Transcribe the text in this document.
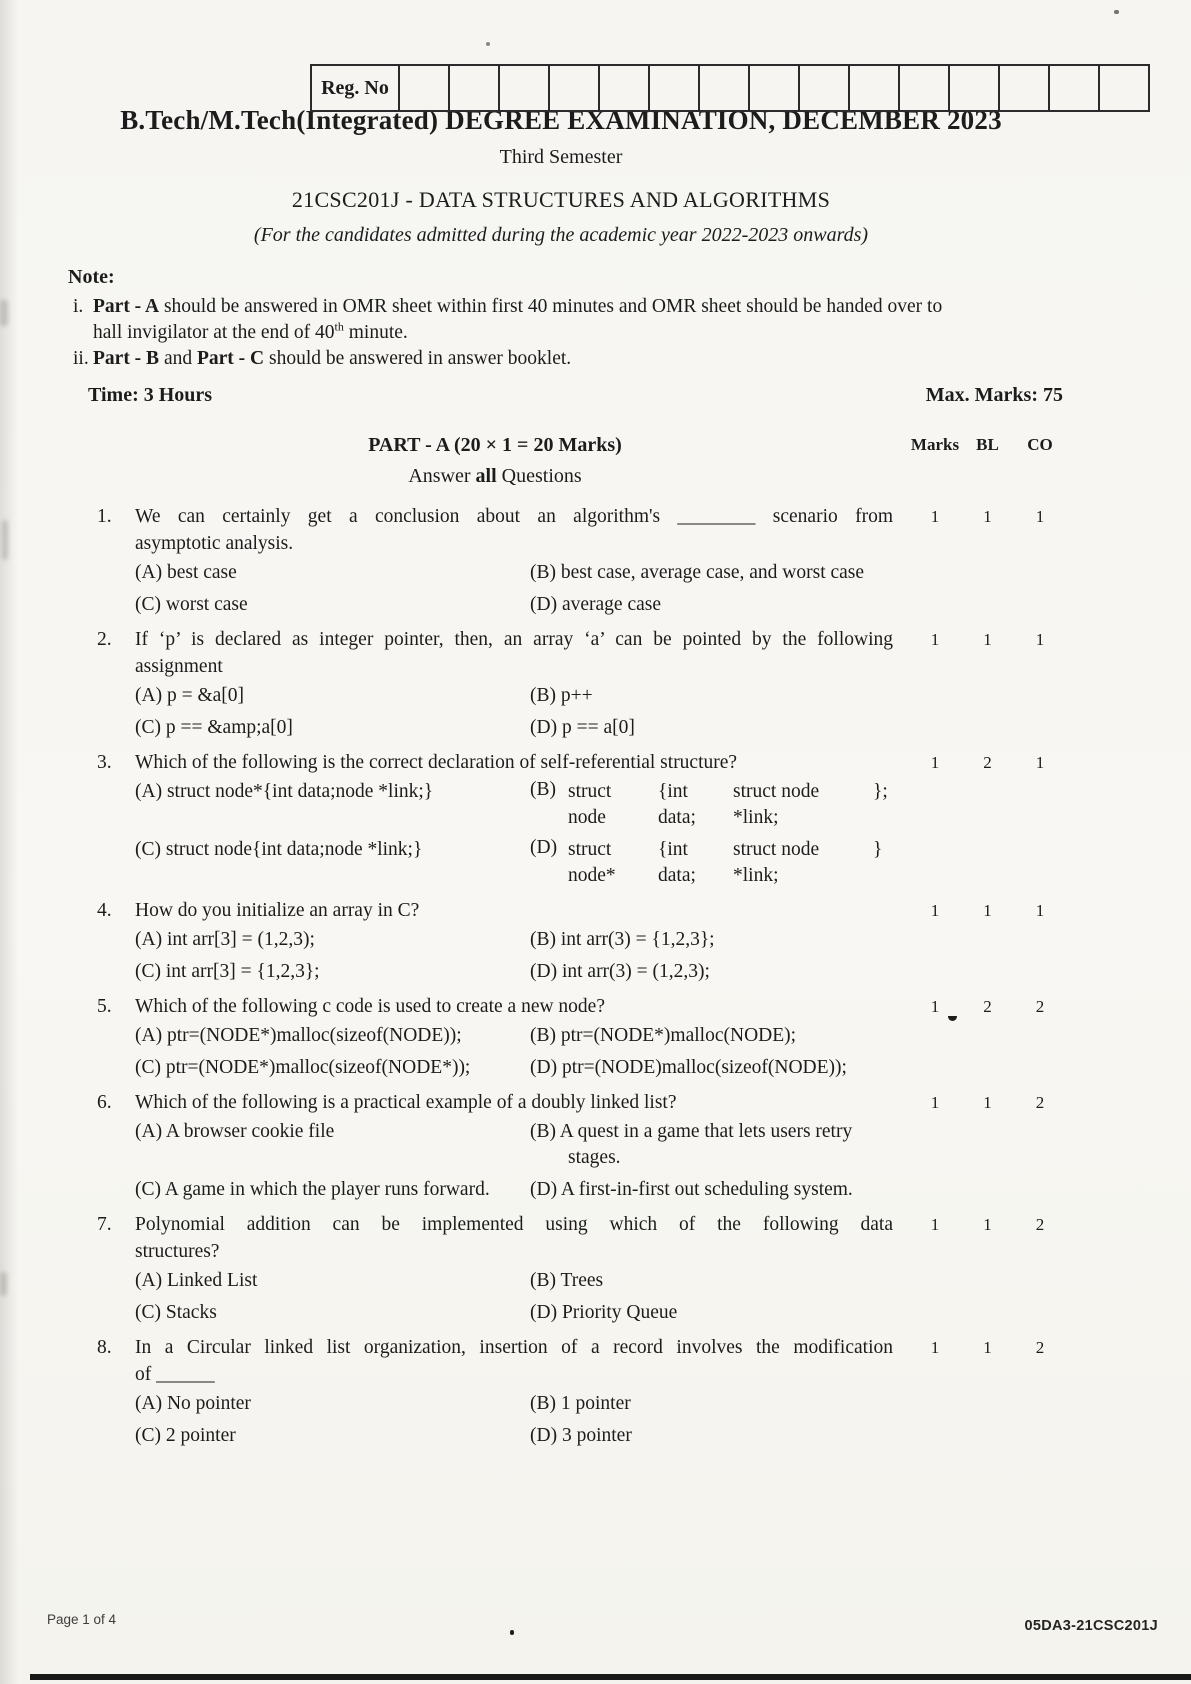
Reg. No
B.Tech/M.Tech(Integrated) DEGREE EXAMINATION, DECEMBER 2023
Third Semester
21CSC201J - DATA STRUCTURES AND ALGORITHMS
(For the candidates admitted during the academic year 2022-2023 onwards)
Note:
i. Part - A should be answered in OMR sheet within first 40 minutes and OMR sheet should be handed over to
hall invigilator at the end of 40th minute.
ii. Part - B and Part - C should be answered in answer booklet.
Time: 3 Hours	Max. Marks: 75
PART - A (20 × 1 = 20 Marks)	Marks	BL	CO
Answer all Questions
1.	We can certainly get a conclusion about an algorithm's ________ scenario from
asymptotic analysis.
(A) best case	(B) best case, average case, and worst case
(C) worst case	(D) average case
1	1	1
2.	If ‘p’ is declared as integer pointer, then, an array ‘a’ can be pointed by the following
assignment
(A) p = &a[0]	(B) p++
(C) p == &amp;a[0]	(D) p == a[0]
1	1	1
3.	Which of the following is the correct declaration of self-referential structure?
(A) struct node*{int data;node *link;}	(B) struct	{int	struct node	};
node	data;	*link;
(C) struct node{int data;node *link;}	(D) struct	{int	struct node	}
node*	data;	*link;
1	2	1
4.	How do you initialize an array in C?
(A) int arr[3] = (1,2,3);	(B) int arr(3) = {1,2,3};
(C) int arr[3] = {1,2,3};	(D) int arr(3) = (1,2,3);
1	1	1
5.	Which of the following c code is used to create a new node?
(A) ptr=(NODE*)malloc(sizeof(NODE));	(B) ptr=(NODE*)malloc(NODE);
(C) ptr=(NODE*)malloc(sizeof(NODE*));	(D) ptr=(NODE)malloc(sizeof(NODE));
1	2	2
6.	Which of the following is a practical example of a doubly linked list?
(A) A browser cookie file	(B) A quest in a game that lets users retry stages.
(C) A game in which the player runs forward.	(D) A first-in-first out scheduling system.
1	1	2
7.	Polynomial addition can be implemented using which of the following data
structures?
(A) Linked List	(B) Trees
(C) Stacks	(D) Priority Queue
1	1	2
8.	In a Circular linked list organization, insertion of a record involves the modification
of ______
(A) No pointer	(B) 1 pointer
(C) 2 pointer	(D) 3 pointer
1	1	2
Page 1 of 4	05DA3-21CSC201J
